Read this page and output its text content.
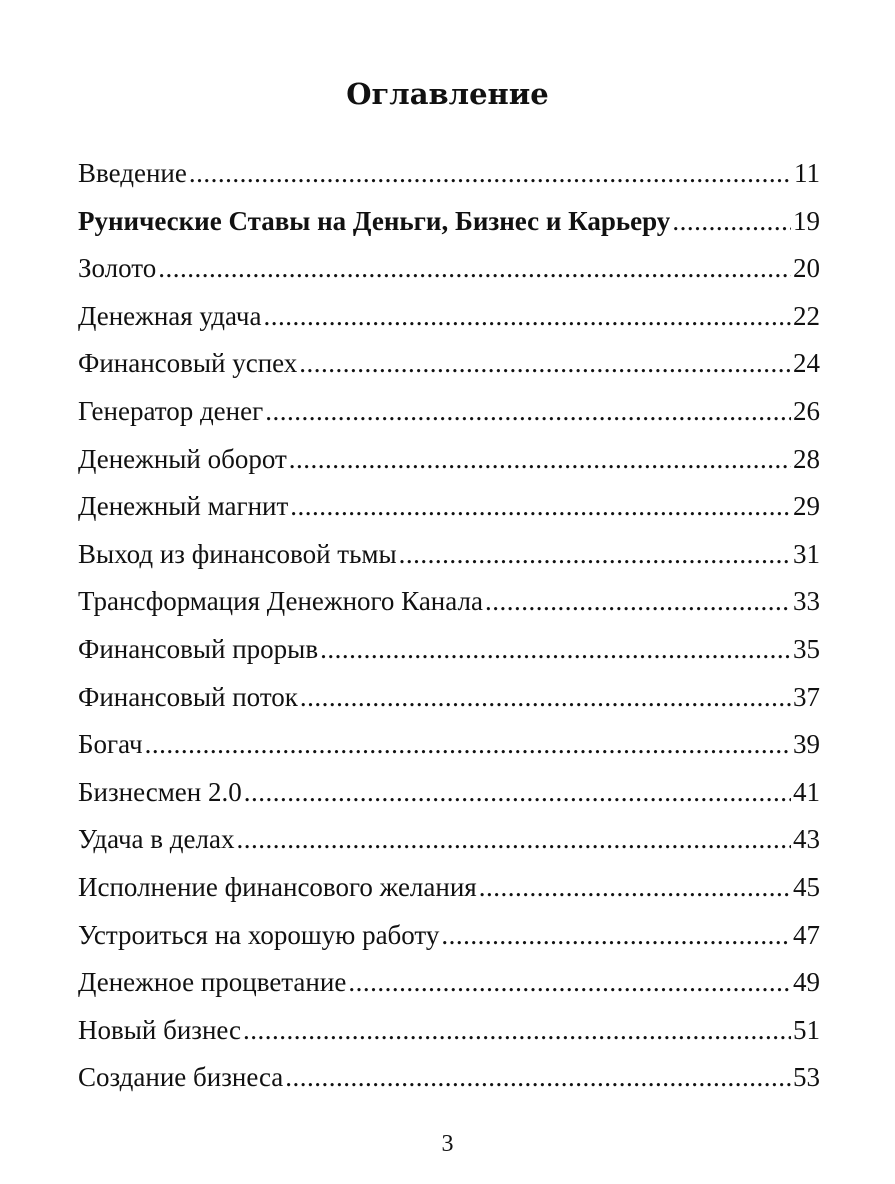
Оглавление
Введение .....	11
Рунические Ставы на Деньги, Бизнес и Карьеру .....	19
Золото .....	20
Денежная удача .....	22
Финансовый успех .....	24
Генератор денег .....	26
Денежный оборот .....	28
Денежный магнит .....	29
Выход из финансовой тьмы .....	31
Трансформация Денежного Канала .....	33
Финансовый прорыв .....	35
Финансовый поток .....	37
Богач .....	39
Бизнесмен 2.0 .....	41
Удача в делах .....	43
Исполнение финансового желания .....	45
Устроиться на хорошую работу .....	47
Денежное процветание .....	49
Новый бизнес .....	51
Создание бизнеса .....	53
3
